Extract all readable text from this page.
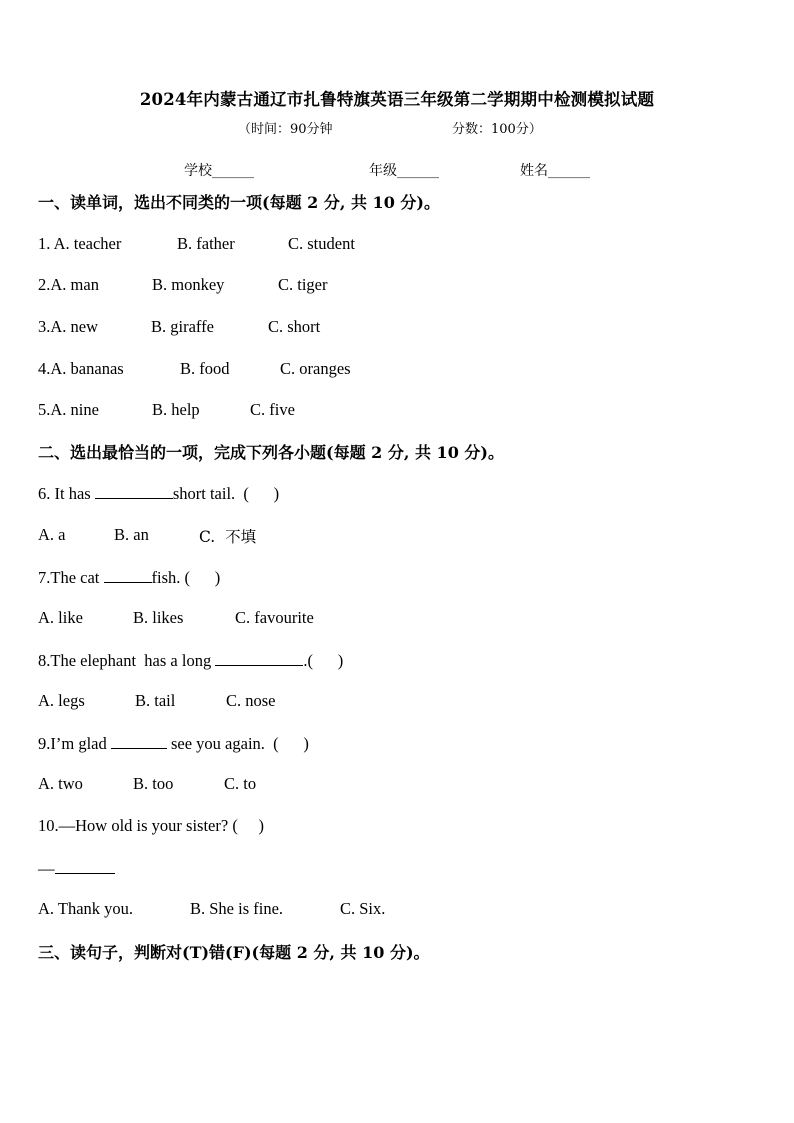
2024年内蒙古通辽市扎鲁特旗英语三年级第二学期期中检测模拟试题
（时间：90分钟	分数：100分）
学校______	年级______	姓名______
一、读单词，选出不同类的一项(每题 2 分, 共 10 分)。
1. A. teacher	B. father	C. student
2.A. man	B. monkey	C. tiger
3.A. new	B. giraffe	C. short
4.A. bananas	B. food	C. oranges
5.A. nine	B. help	C. five
二、选出最恰当的一项，完成下列各小题(每题 2 分, 共 10 分)。
6. It has	short tail.  (      )
A. a	B. an	C.  不填
7.The cat	fish. (      )
A. like	B. likes	C. favourite
8.The elephant  has a long	.(      )
A. legs	B. tail	C. nose
9.I’m glad	see you again.  (      )
A. two	B. too	C. to
10.—How old is your sister? (     )
—
A. Thank you.	B. She is fine.	C. Six.
三、读句子，判断对(T)错(F)(每题 2 分, 共 10 分)。
